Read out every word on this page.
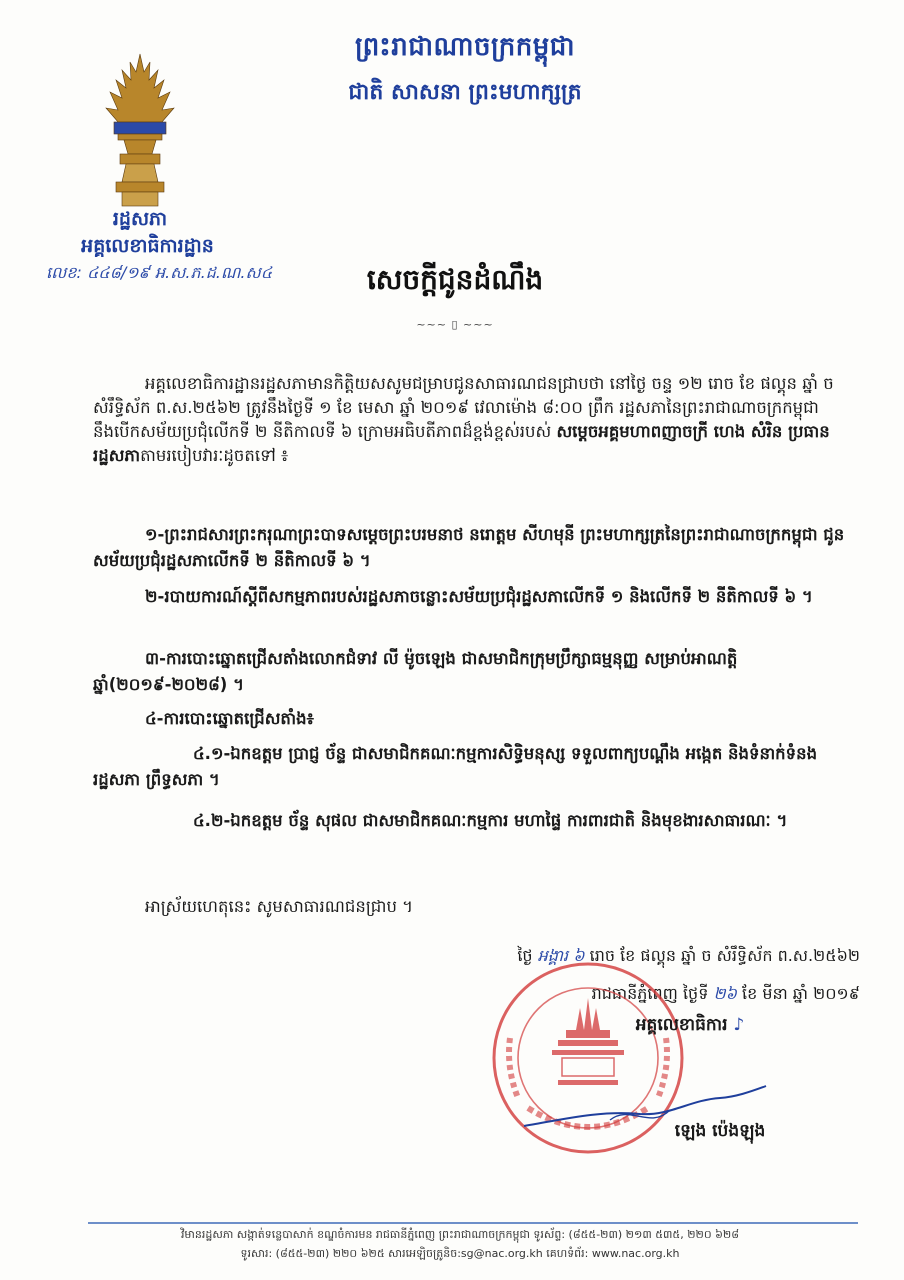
ព្រះរាជាណាចក្រកម្ពុជា
ជាតិ សាសនា ព្រះមហាក្សត្រ
រដ្ឋសភា
អគ្គលេខាធិការដ្ឋាន
លេខ: ៤៤៨/១៩ អ.ស.ភ.ដ.ណ.ស៤	សេចក្ដីជូនដំណឹង
~~~ ▯ ~~~
អគ្គលេខាធិការដ្ឋានរដ្ឋសភាមានកិត្តិយសសូមជម្រាបជូនសាធារណជនជ្រាបថា នៅថ្ងៃ ចន្ទ ១២ រោច ខែ ផល្គុន ឆ្នាំ ច សំរឹទ្ធិស័ក ព.ស.២៥៦២ ត្រូវនឹងថ្ងៃទី ១ ខែ មេសា ឆ្នាំ ២០១៩ វេលាម៉ោង ៨:០០ ព្រឹក រដ្ឋសភានៃព្រះរាជាណាចក្រកម្ពុជា នឹងបើកសម័យប្រជុំលើកទី ២ នីតិកាលទី ៦ ក្រោមអធិបតីភាពដ៏ខ្ពង់ខ្ពស់របស់ សម្ដេចអគ្គមហាពញាចក្រី ហេង សំរិន ប្រធានរដ្ឋសភាតាមរបៀបវារៈដូចតទៅ ៖
១-ព្រះរាជសារព្រះករុណាព្រះបាទសម្ដេចព្រះបរមនាថ នរោត្តម សីហមុនី ព្រះមហាក្សត្រនៃព្រះរាជាណាចក្រកម្ពុជា ជូនសម័យប្រជុំរដ្ឋសភាលើកទី ២ នីតិកាលទី ៦ ។
២-របាយការណ៍ស្ដីពីសកម្មភាពរបស់រដ្ឋសភាចន្លោះសម័យប្រជុំរដ្ឋសភាលើកទី ១ និងលើកទី ២ នីតិកាលទី ៦ ។
៣-ការបោះឆ្នោតជ្រើសតាំងលោកជំទាវ លី ម៉ូចឡេង ជាសមាជិកក្រុមប្រឹក្សាធម្មនុញ្ញ សម្រាប់អាណត្តិ ឆ្នាំ(២០១៩-២០២៨) ។
៤-ការបោះឆ្នោតជ្រើសតាំង៖
៤.១-ឯកឧត្តម ប្រាជ្ញ ច័ន្ទ ជាសមាជិកគណៈកម្មការសិទ្ធិមនុស្ស ទទួលពាក្យបណ្ដឹង អង្កេត និងទំនាក់ទំនងរដ្ឋសភា ព្រឹទ្ធសភា ។
៤.២-ឯកឧត្តម ច័ន្ទ សុផល ជាសមាជិកគណៈកម្មការ មហាផ្ទៃ ការពារជាតិ និងមុខងារសាធារណៈ ។
អាស្រ័យហេតុនេះ សូមសាធារណជនជ្រាប ។
ថ្ងៃ អង្គារ ៦ រោច ខែ ផល្គុន ឆ្នាំ ច សំរឹទ្ធិស័ក ព.ស.២៥៦២
រាជធានីភ្នំពេញ ថ្ងៃទី ២៦ ខែ មីនា ឆ្នាំ ២០១៩
អគ្គលេខាធិការ ♪
ឡេង ប៉េងឡុង
វិមានរដ្ឋសភា សង្កាត់ទន្លេបាសាក់ ខណ្ឌចំការមន រាជធានីភ្នំពេញ ព្រះរាជាណាចក្រកម្ពុជា ទូរស័ព្ទ: (៨៥៥-២៣) ២១៣ ៥៣៥, ២២០ ៦២៨
ទូរសារ: (៨៥៥-២៣) ២២០ ៦២៥ សារអេឡិចត្រូនិច:sg@nac.org.kh គេហទំព័រ: www.nac.org.kh
